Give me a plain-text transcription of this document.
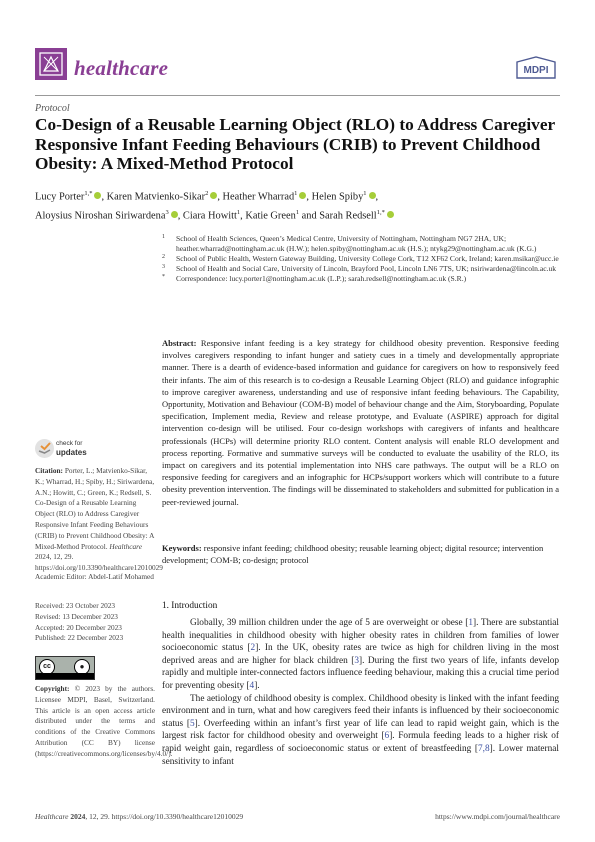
healthcare	MDPI
Protocol
Co-Design of a Reusable Learning Object (RLO) to Address Caregiver Responsive Infant Feeding Behaviours (CRIB) to Prevent Childhood Obesity: A Mixed-Method Protocol
Lucy Porter$^{1,*}$ , Karen Matvienko-Sikar$^2$ , Heather Wharrad$^1$ , Helen Spiby$^1$ ,
Aloysius Niroshan Siriwardena$^3$ , Ciara Howitt$^1$, Katie Green$^1$ and Sarah Redsell$^{1,*}$
1 School of Health Sciences, Queen’s Medical Centre, University of Nottingham, Nottingham NG7 2HA, UK; heather.wharrad@nottingham.ac.uk (H.W.); helen.spiby@nottingham.ac.uk (H.S.); ntykg29@nottingham.ac.uk (K.G.)
2 School of Public Health, Western Gateway Building, University College Cork, T12 XF62 Cork, Ireland; karen.msikar@ucc.ie
3 School of Health and Social Care, University of Lincoln, Brayford Pool, Lincoln LN6 7TS, UK; nsiriwardena@lincoln.ac.uk
* Correspondence: lucy.porter1@nottingham.ac.uk (L.P.); sarah.redsell@nottingham.ac.uk (S.R.)
check for
updates
Citation: Porter, L.; Matvienko-Sikar, K.; Wharrad, H.; Spiby, H.; Siriwardena, A.N.; Howitt, C.; Green, K.; Redsell, S. Co-Design of a Reusable Learning Object (RLO) to Address Caregiver Responsive Infant Feeding Behaviours (CRIB) to Prevent Childhood Obesity: A Mixed-Method Protocol. Healthcare 2024, 12, 29. https://doi.org/10.3390/healthcare12010029
Academic Editor: Abdel-Latif Mohamed
Received: 23 October 2023
Revised: 13 December 2023
Accepted: 20 December 2023
Published: 22 December 2023
cc	●
Copyright: © 2023 by the authors. Licensee MDPI, Basel, Switzerland. This article is an open access article distributed under the terms and conditions of the Creative Commons Attribution (CC BY) license (https://creativecommons.org/licenses/by/4.0/).
Abstract: Responsive infant feeding is a key strategy for childhood obesity prevention. Responsive feeding involves caregivers responding to infant hunger and satiety cues in a timely and developmentally appropriate manner. There is a dearth of evidence-based information and guidance for caregivers on how to responsively feed their infants. The aim of this research is to co-design a Reusable Learning Object (RLO) and guidance infographic to improve caregiver awareness, understanding and use of responsive infant feeding behaviours. The Capability, Opportunity, Motivation and Behaviour (COM-B) model of behaviour change and the Aim, Storyboarding, Populate specification, Implement media, Review and release prototype, and Evaluate (ASPIRE) approach for digital intervention co-design will be utilised. Four co-design workshops with caregivers of infants and healthcare professionals (HCPs) will determine priority RLO content. Content analysis will enable RLO development and process reporting. Formative and summative surveys will be conducted to evaluate the usability of the RLO, its impact on caregivers and its potential implementation into NHS care pathways. The output will be a RLO on responsive feeding for caregivers and an infographic for HCPs/support workers which will contribute to a future obesity prevention intervention. The findings will be disseminated to stakeholders and submitted for publication in a peer-reviewed journal.
Keywords: responsive infant feeding; childhood obesity; reusable learning object; digital resource; intervention development; COM-B; co-design; protocol
1. Introduction

Globally, 39 million children under the age of 5 are overweight or obese [1]. There are substantial health inequalities in childhood obesity with higher obesity rates in children from families of lower socioeconomic status [2]. In the UK, obesity rates are twice as high for children living in the most deprived areas and are higher for black children [3]. During the first two years of life, infants develop rapidly and multiple inter-connected factors influence feeding behaviour, making this a crucial time period for preventing obesity [4].

The aetiology of childhood obesity is complex. Childhood obesity is linked with the infant feeding environment and in turn, what and how caregivers feed their infants is influenced by their socioeconomic status [5]. Overfeeding within an infant’s first year of life can lead to rapid weight gain, which is the largest risk factor for childhood obesity and overweight [6]. Formula feeding leads to a higher risk of rapid weight gain, regardless of socioeconomic status or extent of breastfeeding [7,8]. Lower maternal sensitivity to infant

Healthcare 2024, 12, 29. https://doi.org/10.3390/healthcare12010029	https://www.mdpi.com/journal/healthcare
